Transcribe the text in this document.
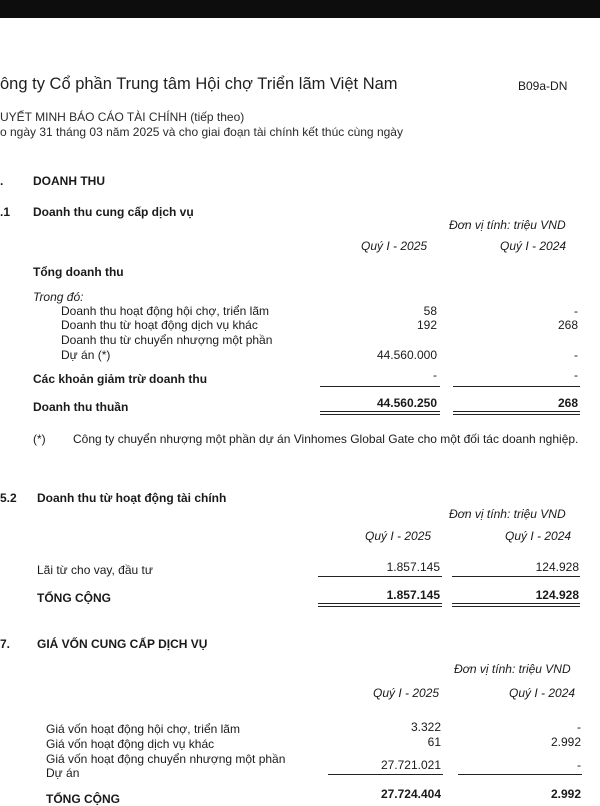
ông ty Cổ phần Trung tâm Hội chợ Triển lãm Việt Nam	B09a-DN
UYẾT MINH BÁO CÁO TÀI CHÍNH (tiếp theo)
o ngày 31 tháng 03 năm 2025 và cho giai đoạn tài chính kết thúc cùng ngày
. DOANH THU
.1 Doanh thu cung cấp dịch vụ
Đơn vị tính: triệu VND
Quý I - 2025	Quý I - 2024
Tổng doanh thu
Trong đó:
Doanh thu hoạt động hội chợ, triển lãm	58	-
Doanh thu từ hoạt động dịch vụ khác	192	268
Doanh thu từ chuyển nhượng một phần
Dự án (*)	44.560.000	-
Các khoản giảm trừ doanh thu	-	-
Doanh thu thuần	44.560.250	268
(*) Công ty chuyển nhượng một phần dự án Vinhomes Global Gate cho một đối tác doanh nghiệp.
5.2 Doanh thu từ hoạt động tài chính
Đơn vị tính: triệu VND
Quý I - 2025	Quý I - 2024
Lãi từ cho vay, đầu tư	1.857.145	124.928
TỔNG CỘNG	1.857.145	124.928
7. GIÁ VỐN CUNG CẤP DỊCH VỤ
Đơn vị tính: triệu VND
Quý I - 2025	Quý I - 2024
Giá vốn hoạt động hội chợ, triển lãm	3.322	-
Giá vốn hoạt động dịch vụ khác	61	2.992
Giá vốn hoạt động chuyển nhượng một phần	27.721.021	-
Dự án
TỔNG CỘNG	27.724.404	2.992
